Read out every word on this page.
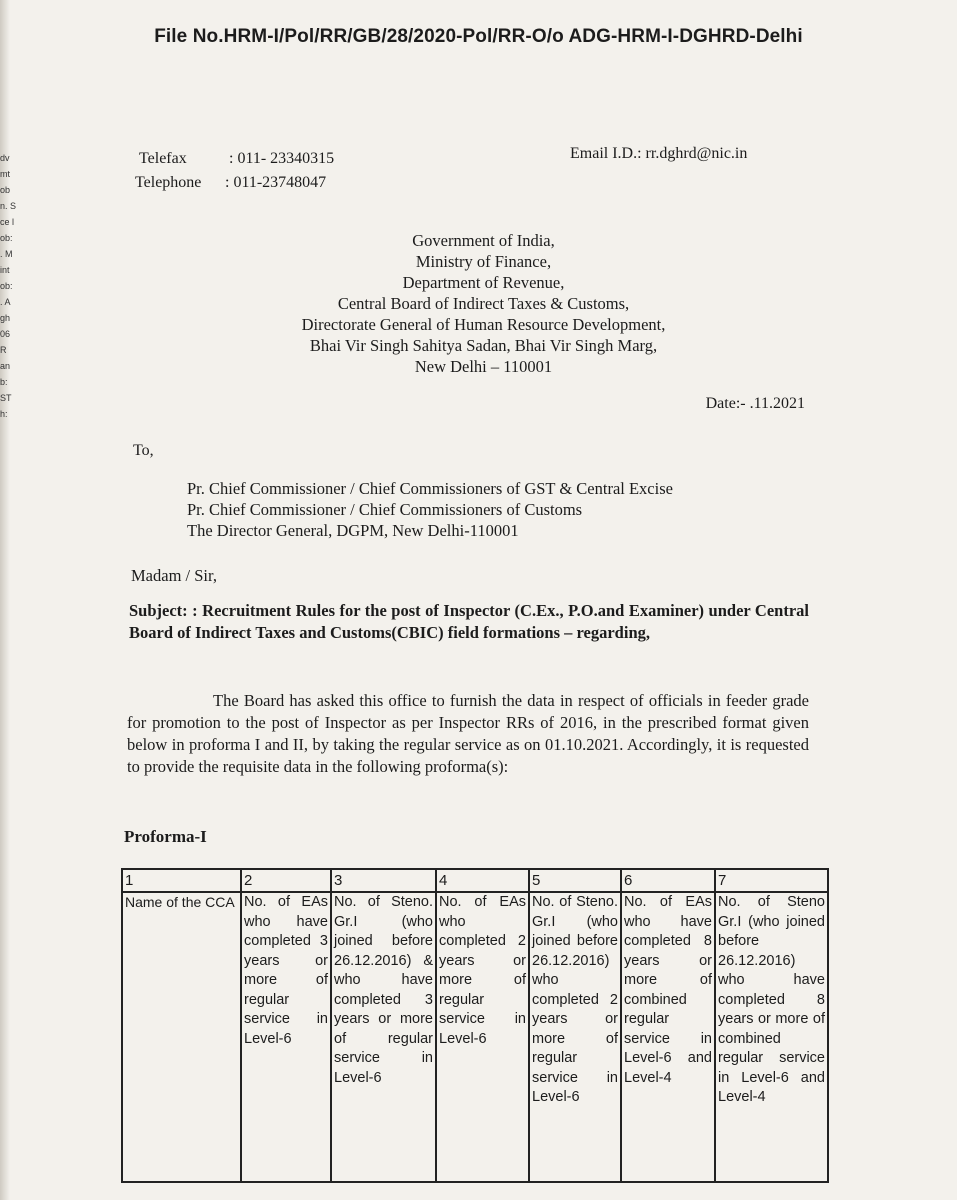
dv
mt
ob
n. S
ce l
ob:
. M
int
ob:
. A
gh
06
R
an
b:
ST
h:
File No.HRM-I/Pol/RR/GB/28/2020-Pol/RR-O/o ADG-HRM-I-DGHRD-Delhi
Telefax	: 011- 23340315
Telephone : 011-23748047
Email I.D.: rr.dghrd@nic.in
Government of India,
Ministry of Finance,
Department of Revenue,
Central Board of Indirect Taxes & Customs,
Directorate General of Human Resource Development,
Bhai Vir Singh Sahitya Sadan, Bhai Vir Singh Marg,
New Delhi – 110001
Date:- .11.2021
To,
Pr. Chief Commissioner / Chief Commissioners of GST & Central Excise
Pr. Chief Commissioner / Chief Commissioners of Customs
The Director General, DGPM, New Delhi-110001
Madam / Sir,
Subject: : Recruitment Rules for the post of Inspector (C.Ex., P.O.and Examiner) under Central Board of Indirect Taxes and Customs(CBIC) field formations – regarding,
The Board has asked this office to furnish the data in respect of officials in feeder grade for promotion to the post of Inspector as per Inspector RRs of 2016, in the prescribed format given below in proforma I and II, by taking the regular service as on 01.10.2021. Accordingly, it is requested to provide the requisite data in the following proforma(s):
Proforma-I
1	2	3	4	5	6	7
Name of the CCA	No. of EAs who have completed 3 years or more of regular service in Level-6	No. of Steno. Gr.I (who joined before 26.12.2016) & who have completed 3 years or more of regular service in Level-6	No. of EAs who completed 2 years or more of regular service in Level-6	No. of Steno. Gr.I (who joined before 26.12.2016) who completed 2 years or more of regular service in Level-6	No. of EAs who have completed 8 years or more of combined regular service in Level-6 and Level-4	No. of Steno Gr.I (who joined before 26.12.2016) who have completed 8 years or more of combined regular service in Level-6 and Level-4
